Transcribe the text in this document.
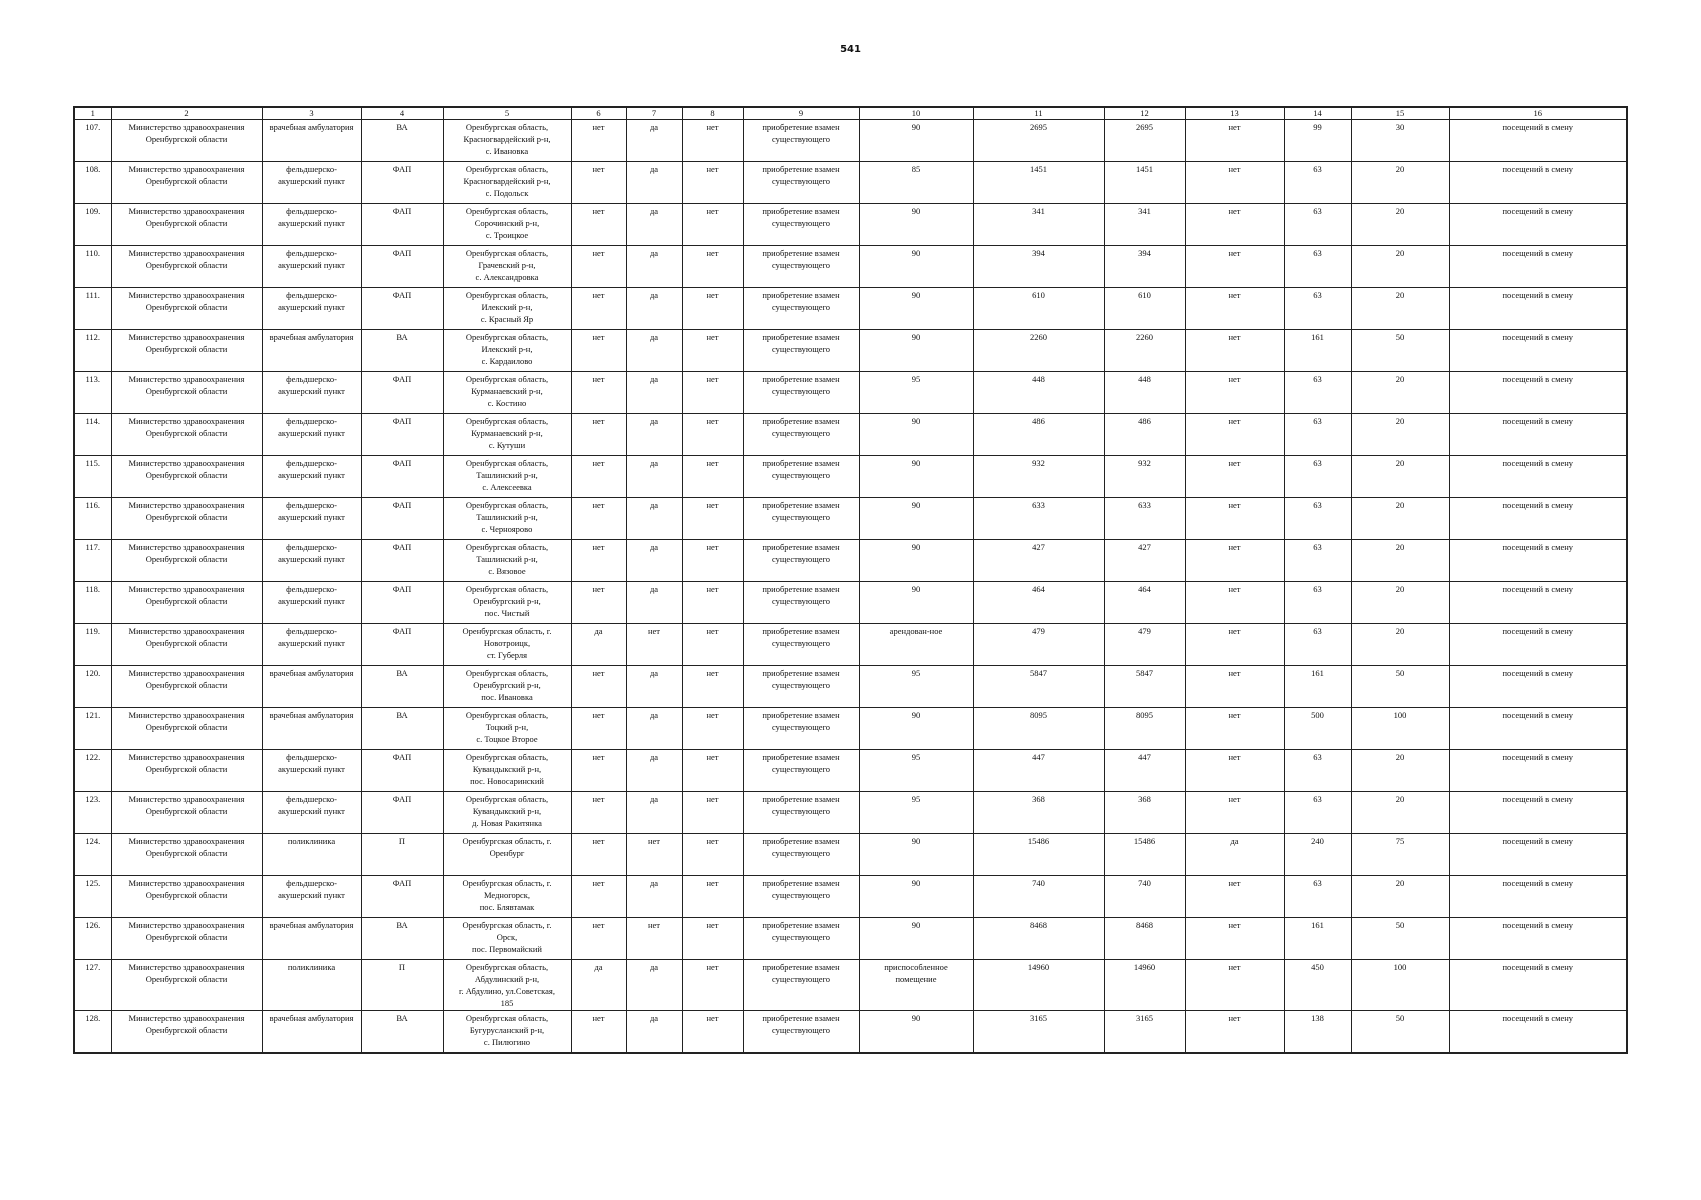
541
1	2	3	4	5	6	7	8	9	10	11	12	13	14	15	16
107.	Министерство здравоохранения
Оренбургской области	врачебная амбулатория	ВА	Оренбургская область,
Красногвардейский р-н,
с. Ивановка	нет	да	нет	приобретение взамен
существующего	90	2695	2695	нет	99	30	посещений в смену
108.	Министерство здравоохранения
Оренбургской области	фельдшерско-
акушерский пункт	ФАП	Оренбургская область,
Красногвардейский р-н,
с. Подольск	нет	да	нет	приобретение взамен
существующего	85	1451	1451	нет	63	20	посещений в смену
109.	Министерство здравоохранения
Оренбургской области	фельдшерско-
акушерский пункт	ФАП	Оренбургская область,
Сорочинский р-н,
с. Троицкое	нет	да	нет	приобретение взамен
существующего	90	341	341	нет	63	20	посещений в смену
110.	Министерство здравоохранения
Оренбургской области	фельдшерско-
акушерский пункт	ФАП	Оренбургская область,
Грачевский р-н,
с. Александровка	нет	да	нет	приобретение взамен
существующего	90	394	394	нет	63	20	посещений в смену
111.	Министерство здравоохранения
Оренбургской области	фельдшерско-
акушерский пункт	ФАП	Оренбургская область,
Илекский р-н,
с. Красный Яр	нет	да	нет	приобретение взамен
существующего	90	610	610	нет	63	20	посещений в смену
112.	Министерство здравоохранения
Оренбургской области	врачебная амбулатория	ВА	Оренбургская область,
Илекский р-н,
с. Кардаилово	нет	да	нет	приобретение взамен
существующего	90	2260	2260	нет	161	50	посещений в смену
113.	Министерство здравоохранения
Оренбургской области	фельдшерско-
акушерский пункт	ФАП	Оренбургская область,
Курманаевский р-н,
с. Костино	нет	да	нет	приобретение взамен
существующего	95	448	448	нет	63	20	посещений в смену
114.	Министерство здравоохранения
Оренбургской области	фельдшерско-
акушерский пункт	ФАП	Оренбургская область,
Курманаевский р-н,
с. Кутуши	нет	да	нет	приобретение взамен
существующего	90	486	486	нет	63	20	посещений в смену
115.	Министерство здравоохранения
Оренбургской области	фельдшерско-
акушерский пункт	ФАП	Оренбургская область,
Ташлинский р-н,
с. Алексеевка	нет	да	нет	приобретение взамен
существующего	90	932	932	нет	63	20	посещений в смену
116.	Министерство здравоохранения
Оренбургской области	фельдшерско-
акушерский пункт	ФАП	Оренбургская область,
Ташлинский р-н,
с. Чернояровo	нет	да	нет	приобретение взамен
существующего	90	633	633	нет	63	20	посещений в смену
117.	Министерство здравоохранения
Оренбургской области	фельдшерско-
акушерский пункт	ФАП	Оренбургская область,
Ташлинский р-н,
с. Вязовое	нет	да	нет	приобретение взамен
существующего	90	427	427	нет	63	20	посещений в смену
118.	Министерство здравоохранения
Оренбургской области	фельдшерско-
акушерский пункт	ФАП	Оренбургская область,
Оренбургский р-н,
пос. Чистый	нет	да	нет	приобретение взамен
существующего	90	464	464	нет	63	20	посещений в смену
119.	Министерство здравоохранения
Оренбургской области	фельдшерско-
акушерский пункт	ФАП	Оренбургская область, г.
Новотроицк,
ст. Губерля	да	нет	нет	приобретение взамен
существующего	арендован-ное	479	479	нет	63	20	посещений в смену
120.	Министерство здравоохранения
Оренбургской области	врачебная амбулатория	ВА	Оренбургская область,
Оренбургский р-н,
пос. Ивановка	нет	да	нет	приобретение взамен
существующего	95	5847	5847	нет	161	50	посещений в смену
121.	Министерство здравоохранения
Оренбургской области	врачебная амбулатория	ВА	Оренбургская область,
Тоцкий р-н,
с. Тоцкое Второе	нет	да	нет	приобретение взамен
существующего	90	8095	8095	нет	500	100	посещений в смену
122.	Министерство здравоохранения
Оренбургской области	фельдшерско-
акушерский пункт	ФАП	Оренбургская область,
Кувандыкский р-н,
пос. Новосаринский	нет	да	нет	приобретение взамен
существующего	95	447	447	нет	63	20	посещений в смену
123.	Министерство здравоохранения
Оренбургской области	фельдшерско-
акушерский пункт	ФАП	Оренбургская область,
Кувандыкский р-н,
д. Новая Ракитянка	нет	да	нет	приобретение взамен
существующего	95	368	368	нет	63	20	посещений в смену
124.	Министерство здравоохранения
Оренбургской области	поликлиника	П	Оренбургская область, г.
Оренбург	нет	нет	нет	приобретение взамен
существующего	90	15486	15486	да	240	75	посещений в смену
125.	Министерство здравоохранения
Оренбургской области	фельдшерско-
акушерский пункт	ФАП	Оренбургская область, г.
Медногорск,
пос. Блявтамак	нет	да	нет	приобретение взамен
существующего	90	740	740	нет	63	20	посещений в смену
126.	Министерство здравоохранения
Оренбургской области	врачебная амбулатория	ВА	Оренбургская область, г.
Орск,
пос. Первомайский	нет	нет	нет	приобретение взамен
существующего	90	8468	8468	нет	161	50	посещений в смену
127.	Министерство здравоохранения
Оренбургской области	поликлиника	П	Оренбургская область,
Абдулинский р-н,
г. Абдулино, ул.Советская,
185	да	да	нет	приобретение взамен
существующего	приспособленное
помещение	14960	14960	нет	450	100	посещений в смену
128.	Министерство здравоохранения
Оренбургской области	врачебная амбулатория	ВА	Оренбургская область,
Бугурусланский р-н,
с. Пилюгино	нет	да	нет	приобретение взамен
существующего	90	3165	3165	нет	138	50	посещений в смену
